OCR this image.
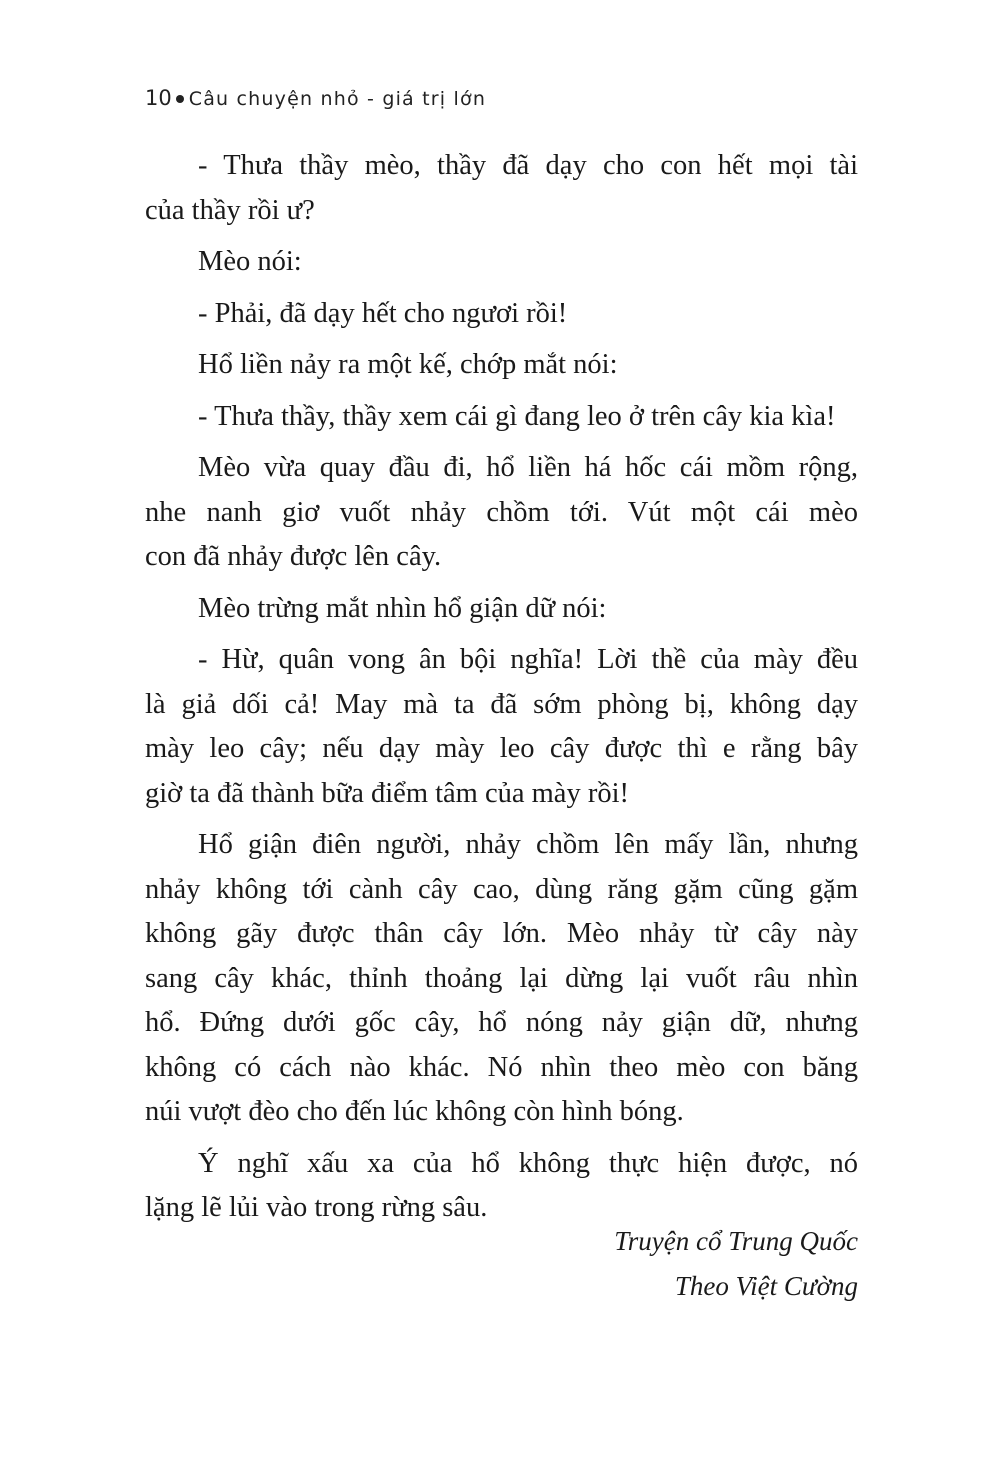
10 Câu chuyện nhỏ - giá trị lớn
- Thưa thầy mèo, thầy đã dạy cho con hết mọi tài
của thầy rồi ư?
Mèo nói:
- Phải, đã dạy hết cho ngươi rồi!
Hổ liền nảy ra một kế, chớp mắt nói:
- Thưa thầy, thầy xem cái gì đang leo ở trên cây kia kìa!
Mèo vừa quay đầu đi, hổ liền há hốc cái mồm rộng,
nhe nanh giơ vuốt nhảy chồm tới. Vút một cái mèo
con đã nhảy được lên cây.
Mèo trừng mắt nhìn hổ giận dữ nói:
- Hừ, quân vong ân bội nghĩa! Lời thề của mày đều
là giả dối cả! May mà ta đã sớm phòng bị, không dạy
mày leo cây; nếu dạy mày leo cây được thì e rằng bây
giờ ta đã thành bữa điểm tâm của mày rồi!
Hổ giận điên người, nhảy chồm lên mấy lần, nhưng
nhảy không tới cành cây cao, dùng răng gặm cũng gặm
không gãy được thân cây lớn. Mèo nhảy từ cây này
sang cây khác, thỉnh thoảng lại dừng lại vuốt râu nhìn
hổ. Đứng dưới gốc cây, hổ nóng nảy giận dữ, nhưng
không có cách nào khác. Nó nhìn theo mèo con băng
núi vượt đèo cho đến lúc không còn hình bóng.
Ý nghĩ xấu xa của hổ không thực hiện được, nó
lặng lẽ lủi vào trong rừng sâu.
Truyện cổ Trung Quốc
Theo Việt Cường
